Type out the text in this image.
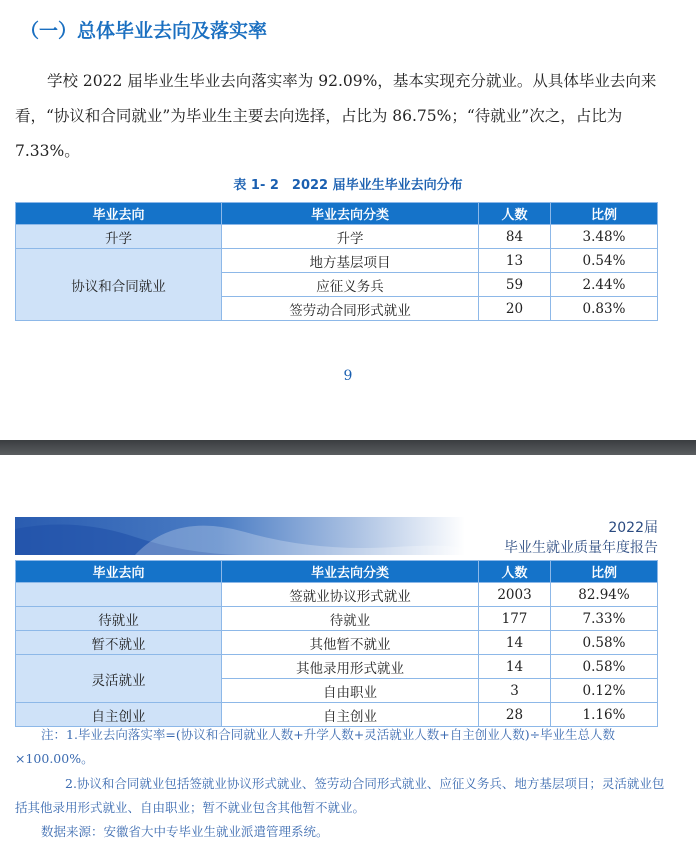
（一）总体毕业去向及落实率

学校 2022 届毕业生毕业去向落实率为 92.09%，基本实现充分就业。从具体毕业去向来看，“协议和合同就业”为毕业生主要去向选择，占比为 86.75%；“待就业”次之，占比为 7.33%。

表 1- 2　2022 届毕业生毕业去向分布
毕业去向	毕业去向分类	人数	比例
升学	升学	84	3.48%
协议和合同就业	地方基层项目	13	0.54%
	应征义务兵	59	2.44%
	签劳动合同形式就业	20	0.83%
9
2022届
毕业生就业质量年度报告
毕业去向	毕业去向分类	人数	比例
	签就业协议形式就业	2003	82.94%
待就业	待就业	177	7.33%
暂不就业	其他暂不就业	14	0.58%
灵活就业	其他录用形式就业	14	0.58%
	自由职业	3	0.12%
自主创业	自主创业	28	1.16%

注：1.毕业去向落实率=(协议和合同就业人数+升学人数+灵活就业人数+自主创业人数)÷毕业生总人数×100.00%。

2.协议和合同就业包括签就业协议形式就业、签劳动合同形式就业、应征义务兵、地方基层项目；灵活就业包括其他录用形式就业、自由职业；暂不就业包含其他暂不就业。

数据来源：安徽省大中专毕业生就业派遣管理系统。
